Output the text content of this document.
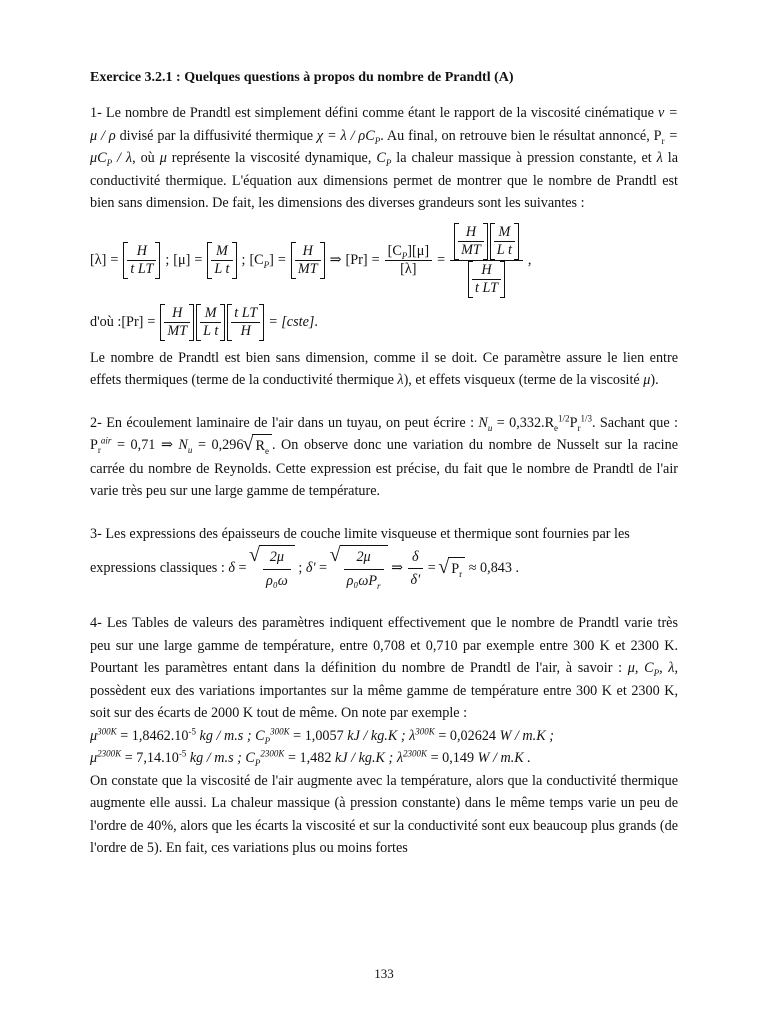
Exercice 3.2.1 : Quelques questions à propos du nombre de Prandtl (A)

1- Le nombre de Prandtl est simplement défini comme étant le rapport de la viscosité cinématique ν = μ / ρ divisé par la diffusivité thermique $\chi = \lambda / \rho C_P$. Au final, on retrouve bien le résultat annoncé, $P_r = \mu C_P / \lambda$, où μ représente la viscosité dynamique, $C_P$ la chaleur massique à pression constante, et λ la conductivité thermique. L'équation aux dimensions permet de montrer que le nombre de Prandtl est bien sans dimension. De fait, les dimensions des diverses grandeurs sont les suivantes :

$[\lambda] = \frac{H}{\text{t LT}}$ ; $[\mu] = \frac{M}{\text{L t}}$ ; $[C_P] = \frac{H}{MT}$ ⇒ $[Pr] = \frac{[C_P][\mu]}{[\lambda]} = \frac{\frac{H}{MT} \frac{M}{\text{L t}}}{\frac{H}{\text{t LT}}}$ ,
d'où : $[Pr] = \frac{H}{MT} \frac{M}{\text{L t}} \frac{\text{t LT}}{H}$ = [cste] .

Le nombre de Prandtl est bien sans dimension, comme il se doit. Ce paramètre assure le lien entre effets thermiques (terme de la conductivité thermique λ), et effets visqueux (terme de la viscosité μ).

2- En écoulement laminaire de l'air dans un tuyau, on peut écrire : $N_u = 0,332.R_e^{1/2}P_r^{1/3}$. Sachant que : $P_r^{air} = 0,71$ ⇒ $N_u = 0,296√$ $R_e$ . On observe donc une variation du nombre de Nusselt sur la racine carrée du nombre de Reynolds. Cette expression est précise, du fait que le nombre de Prandtl de l'air varie très peu sur une large gamme de température.

3- Les expressions des épaisseurs de couche limite visqueuse et thermique sont fournies par les expressions classiques : δ =
√ $\frac{2\mu}{\text{ρ₀ω}}$ ; δ' =
√ $\frac{2\mu}{\rho_0\omega P_r}$ ⇒ $\frac{\delta}{\delta'}$ = √ $P_r \approx 0,843$ .

4- Les Tables de valeurs des paramètres indiquent effectivement que le nombre de Prandtl varie très peu sur une large gamme de température, entre 0,708 et 0,710 par exemple entre 300 K et 2300 K. Pourtant les paramètres entant dans la définition du nombre de Prandtl de l'air, à savoir : μ, $C_P$, λ, possèdent eux des variations importantes sur la même gamme de température entre 300 K et 2300 K, soit sur des écarts de 2000 K tout de même. On note par exemple :

$\mu^{300K} = 1,8462.10^{-5}$ kg / m.s ; $C_P^{300K} = 1,0057$ kJ / kg.K ; $\lambda^{300K} = 0,02624$ W / m.K ;

$\mu^{2300K} = 7,14.10^{-5}$ kg / m.s ; $C_P^{2300K} = 1,482$ kJ / kg.K ; $\lambda^{2300K} = 0,149$ W / m.K .

On constate que la viscosité de l'air augmente avec la température, alors que la conductivité thermique augmente elle aussi. La chaleur massique (à pression constante) dans le même temps varie un peu de l'ordre de 40%, alors que les écarts la viscosité et sur la conductivité sont eux beaucoup plus grands (de l'ordre de 5). En fait, ces variations plus ou moins fortes

133
